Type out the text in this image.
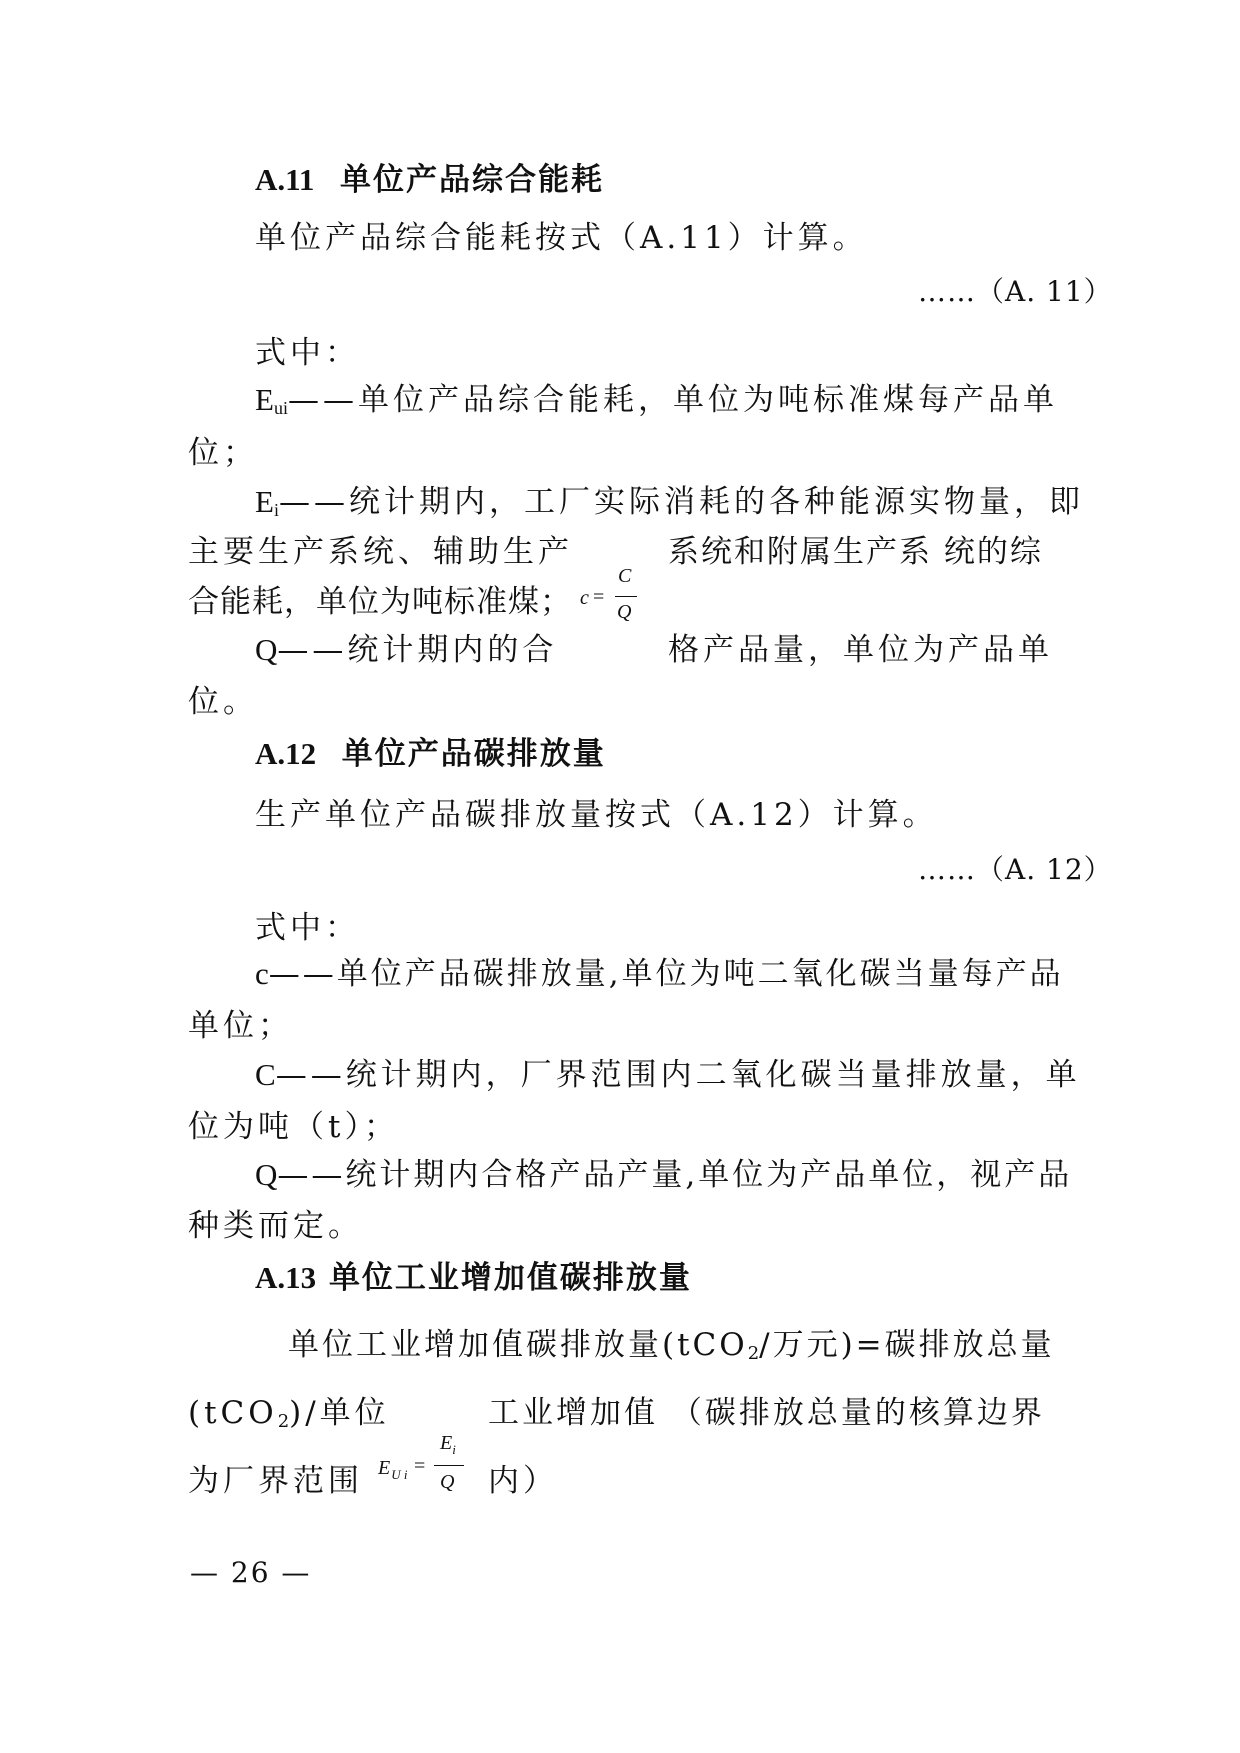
A.11 单位产品综合能耗
单位产品综合能耗按式（A.11）计算。
……（A. 11）
式中：
$E_{ui}——$单位产品综合能耗，单位为吨标准煤每产品单
位；
$E_i——$统计期内，工厂实际消耗的各种能源实物量，即
主要生产系统、辅助生产	系统和附属生产系 统的综
合能耗，单位为吨标准煤； c =
C
Q
Q——统计期内的合	格产品量，单位为产品单
位。
A.12 单位产品碳排放量
生产单位产品碳排放量按式（A.12）计算。
……（A. 12）
式中：
c——单位产品碳排放量,单位为吨二氧化碳当量每产品
单位；
C——统计期内，厂界范围内二氧化碳当量排放量，单
位为吨（t）；
Q——统计期内合格产品产量,单位为产品单位，视产品
种类而定。
A.13 单位工业增加值碳排放量
单位工业增加值碳排放量(tCO$_2$/万元)=碳排放总量
(tCO$_2$)/单位	工业增加值 （碳排放总量的核算边界
为厂界范围 $E_{U i}$ =
$E_i$
Q 内）
— 26 —
